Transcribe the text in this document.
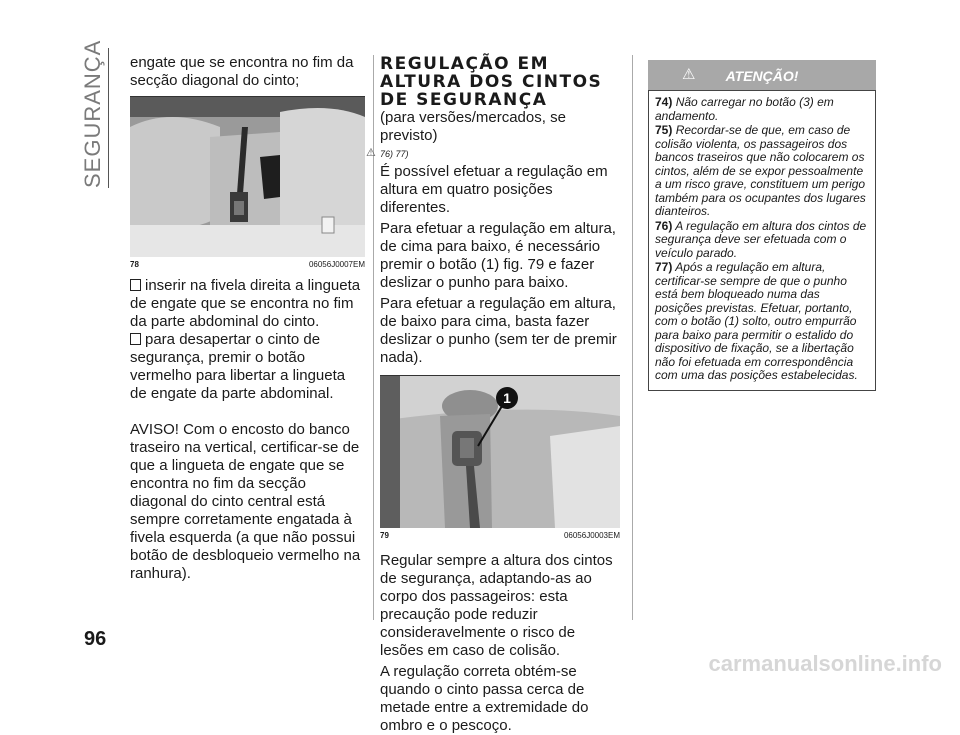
SEGURANÇA engate que se encontra no fim da secção diagonal do cinto;

78	06056J0007EM

inserir na fivela direita a lingueta de engate que se encontra no fim da parte abdominal do cinto.

para desapertar o cinto de segurança, premir o botão vermelho para libertar a lingueta de engate da parte abdominal.

AVISO! Com o encosto do banco traseiro na vertical, certificar-se de que a lingueta de engate que se encontra no fim da secção diagonal do cinto central está sempre corretamente engatada à fivela esquerda (a que não possui botão de desbloqueio vermelho na ranhura).

REGULAÇÃO EM ALTURA DOS CINTOS DE SEGURANÇA

(para versões/mercados, se previsto)

⚠ 76) 77)

É possível efetuar a regulação em altura em quatro posições diferentes.

Para efetuar a regulação em altura, de cima para baixo, é necessário premir o botão (1) fig. 79 e fazer deslizar o punho para baixo.

Para efetuar a regulação em altura, de baixo para cima, basta fazer deslizar o punho (sem ter de premir nada).

1
79	06056J0003EM

Regular sempre a altura dos cintos de segurança, adaptando-as ao corpo dos passageiros: esta precaução pode reduzir consideravelmente o risco de lesões em caso de colisão.

A regulação correta obtém-se quando o cinto passa cerca de metade entre a extremidade do ombro e o pescoço.

⚠	ATENÇÃO!

74) Não carregar no botão (3) em andamento.

75) Recordar-se de que, em caso de colisão violenta, os passageiros dos bancos traseiros que não colocarem os cintos, além de se expor pessoalmente a um risco grave, constituem um perigo também para os ocupantes dos lugares dianteiros.

76) A regulação em altura dos cintos de segurança deve ser efetuada com o veículo parado.

77) Após a regulação em altura, certificar-se sempre de que o punho está bem bloqueado numa das posições previstas. Efetuar, portanto, com o botão (1) solto, outro empurrão para baixo para permitir o estalido do dispositivo de fixação, se a libertação não foi efetuada em correspondência com uma das posições estabelecidas.

96
carmanualsonline.info
